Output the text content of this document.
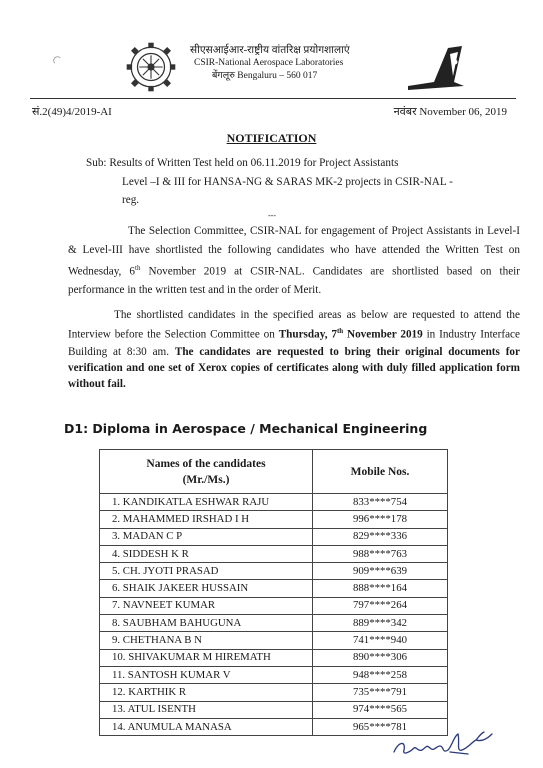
सीएसआईआर-राष्ट्रीय वांतरिक्ष प्रयोगशालाएं
CSIR-National Aerospace Laboratories
बेंगलूरु Bengaluru – 560 017
सं.2(49)4/2019-AI	नवंबर November 06, 2019
NOTIFICATION
Sub: Results of Written Test held on 06.11.2019 for Project Assistants
Level –I & III for HANSA-NG & SARAS MK-2 projects in CSIR-NAL -
reg.
---
The Selection Committee, CSIR-NAL for engagement of Project Assistants in Level-I & Level-III have shortlisted the following candidates who have attended the Written Test on Wednesday, 6th November 2019 at CSIR-NAL. Candidates are shortlisted based on their performance in the written test and in the order of Merit.
The shortlisted candidates in the specified areas as below are requested to attend the Interview before the Selection Committee on Thursday, 7th November 2019 in Industry Interface Building at 8:30 am. The candidates are requested to bring their original documents for verification and one set of Xerox copies of certificates along with duly filled application form without fail.
D1: Diploma in Aerospace / Mechanical Engineering
Names of the candidates
(Mr./Ms.)	Mobile Nos.
1. KANDIKATLA ESHWAR RAJU	833****754
2. MAHAMMED IRSHAD I H	996****178
3. MADAN C P	829****336
4. SIDDESH K R	988****763
5. CH. JYOTI PRASAD	909****639
6. SHAIK JAKEER HUSSAIN	888****164
7. NAVNEET KUMAR	797****264
8. SAUBHAM BAHUGUNA	889****342
9. CHETHANA B N	741****940
10. SHIVAKUMAR M HIREMATH	890****306
11. SANTOSH KUMAR V	948****258
12. KARTHIK R	735****791
13. ATUL ISENTH	974****565
14. ANUMULA MANASA	965****781
